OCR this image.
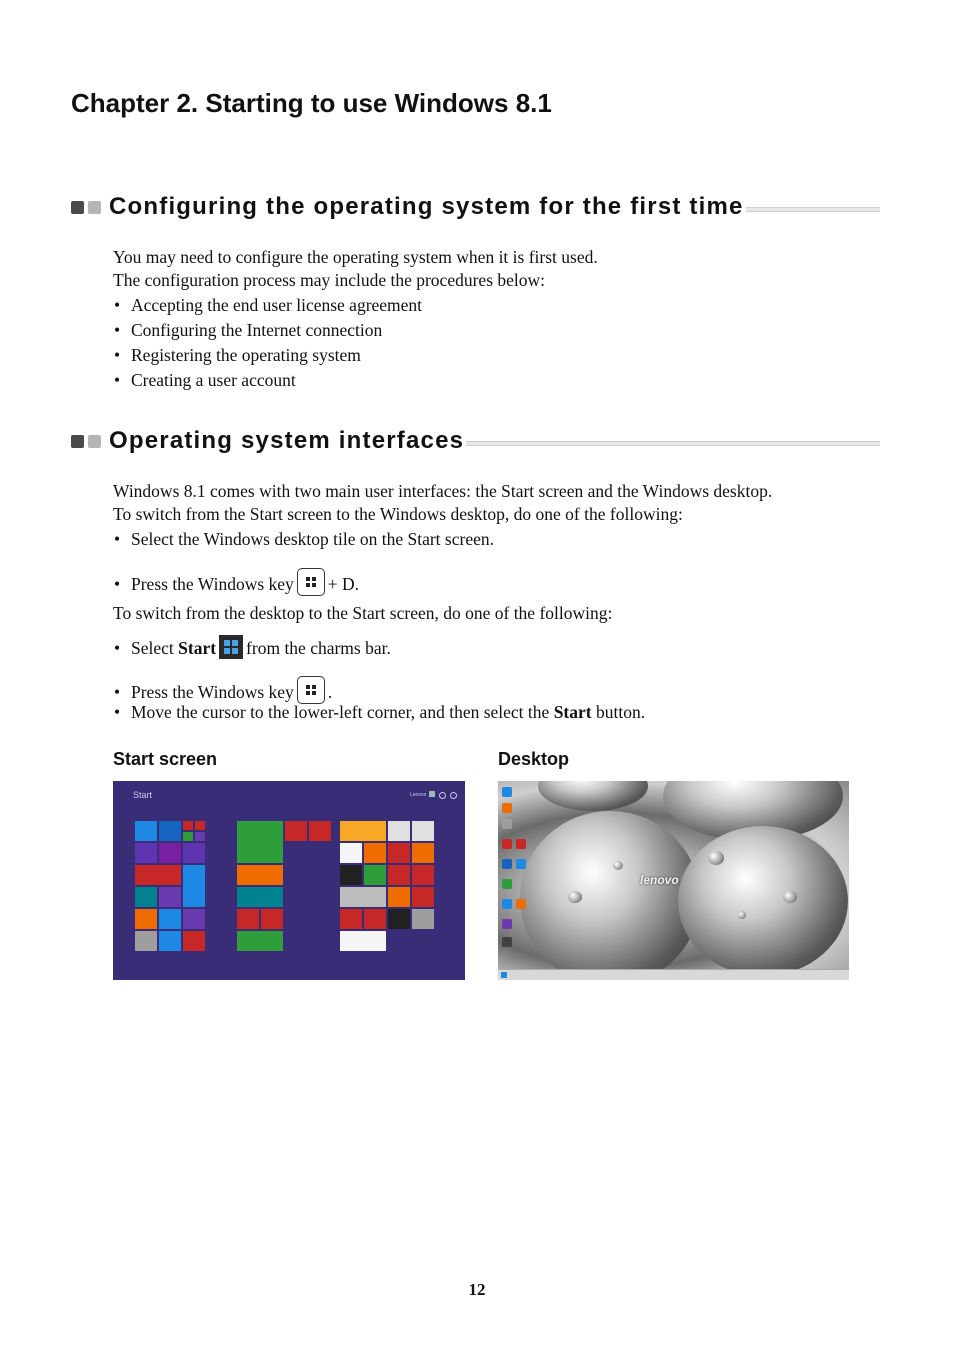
Chapter 2. Starting to use Windows 8.1
Configuring the operating system for the first time
You may need to configure the operating system when it is first used.
The configuration process may include the procedures below:
• Accepting the end user license agreement
• Configuring the Internet connection
• Registering the operating system
• Creating a user account
Operating system interfaces
Windows 8.1 comes with two main user interfaces: the Start screen and the Windows desktop.
To switch from the Start screen to the Windows desktop, do one of the following:
• Select the Windows desktop tile on the Start screen.
• Press the Windows key + D.
To switch from the desktop to the Start screen, do one of the following:
• Select Start from the charms bar.
• Press the Windows key .
• Move the cursor to the lower-left corner, and then select the Start button.
Start screen	Desktop
Start	Lenovo
lenovo
12
